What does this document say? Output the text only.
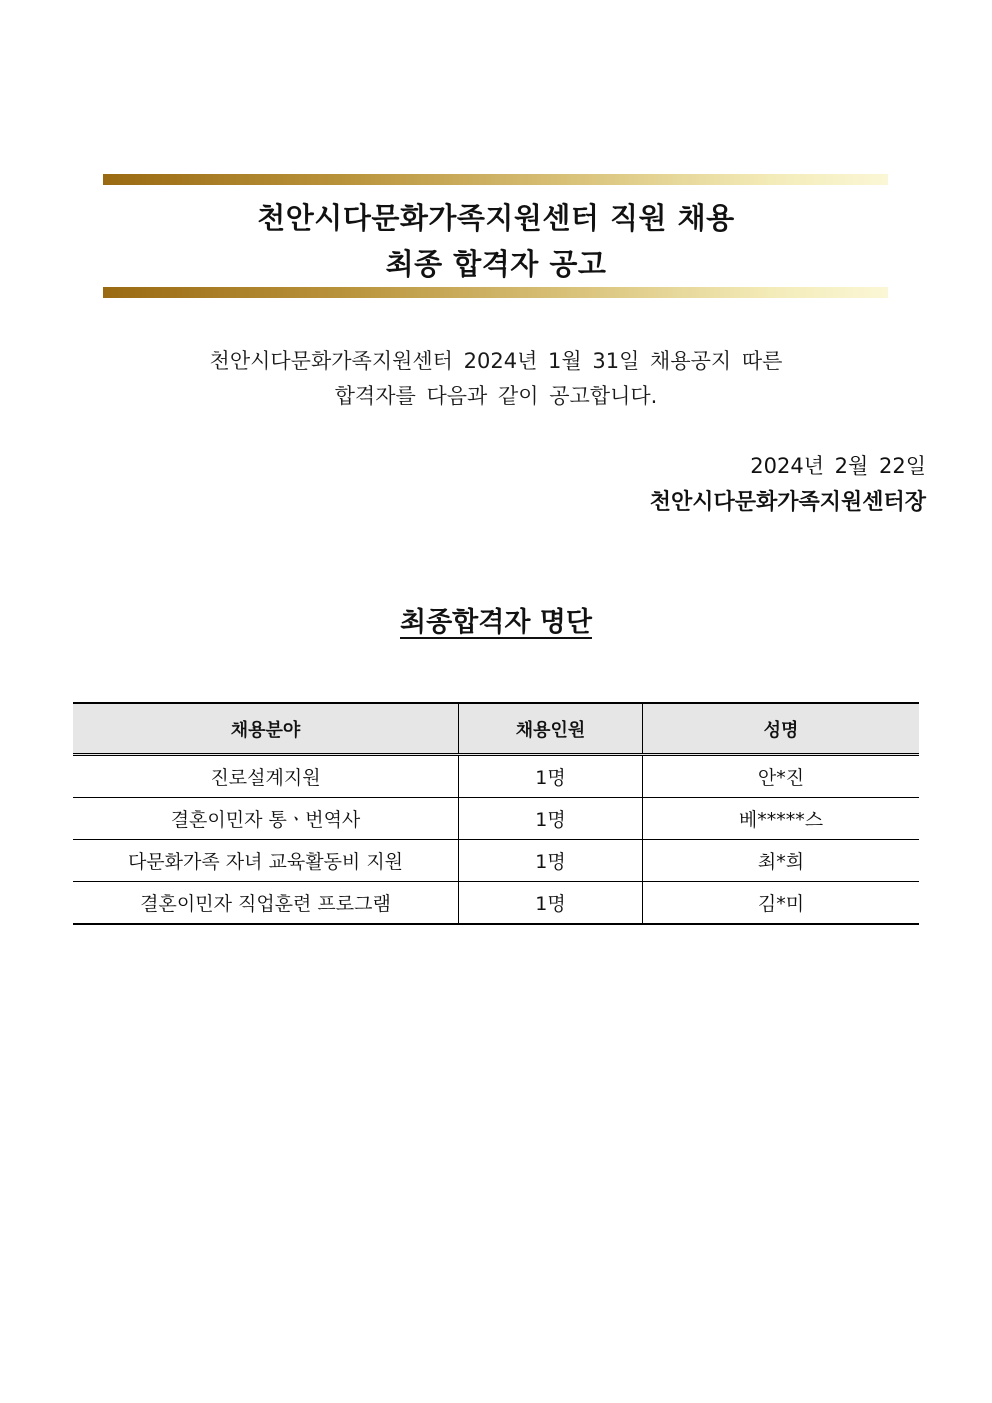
천안시다문화가족지원센터 직원 채용
최종 합격자 공고
천안시다문화가족지원센터 2024년 1월 31일 채용공지 따른
합격자를 다음과 같이 공고합니다.
2024년 2월 22일
천안시다문화가족지원센터장
최종합격자 명단
채용분야	채용인원	성명
진로설계지원	1명	안*진
결혼이민자 통ㆍ번역사	1명	베*****스
다문화가족 자녀 교육활동비 지원	1명	최*희
결혼이민자 직업훈련 프로그램	1명	김*미
